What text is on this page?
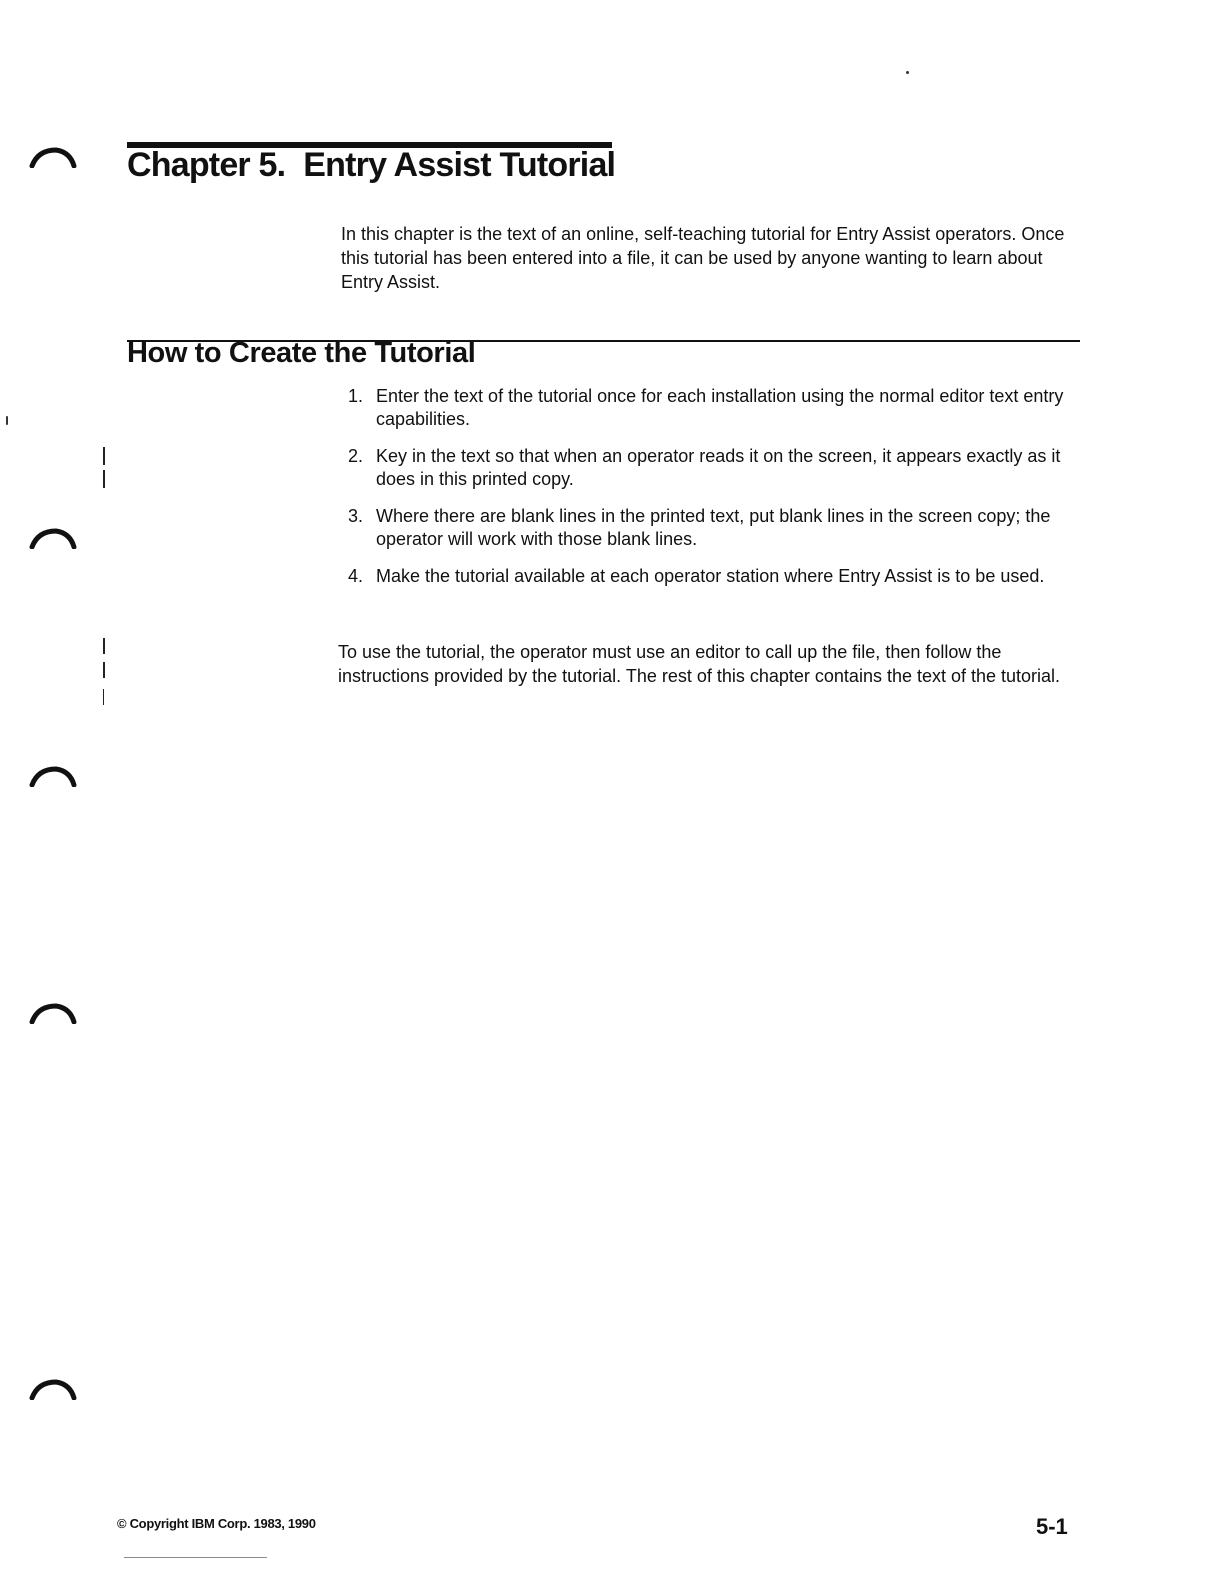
Chapter 5. Entry Assist Tutorial

In this chapter is the text of an online, self-teaching tutorial for Entry Assist operators. Once this tutorial has been entered into a file, it can be used by anyone wanting to learn about Entry Assist.

How to Create the Tutorial
1. Enter the text of the tutorial once for each installation using the normal editor text entry capabilities.
2. Key in the text so that when an operator reads it on the screen, it appears exactly as it does in this printed copy.
3. Where there are blank lines in the printed text, put blank lines in the screen copy; the operator will work with those blank lines.
4. Make the tutorial available at each operator station where Entry Assist is to be used.

To use the tutorial, the operator must use an editor to call up the file, then follow the instructions provided by the tutorial. The rest of this chapter contains the text of the tutorial.

© Copyright IBM Corp. 1983, 1990	5-1
